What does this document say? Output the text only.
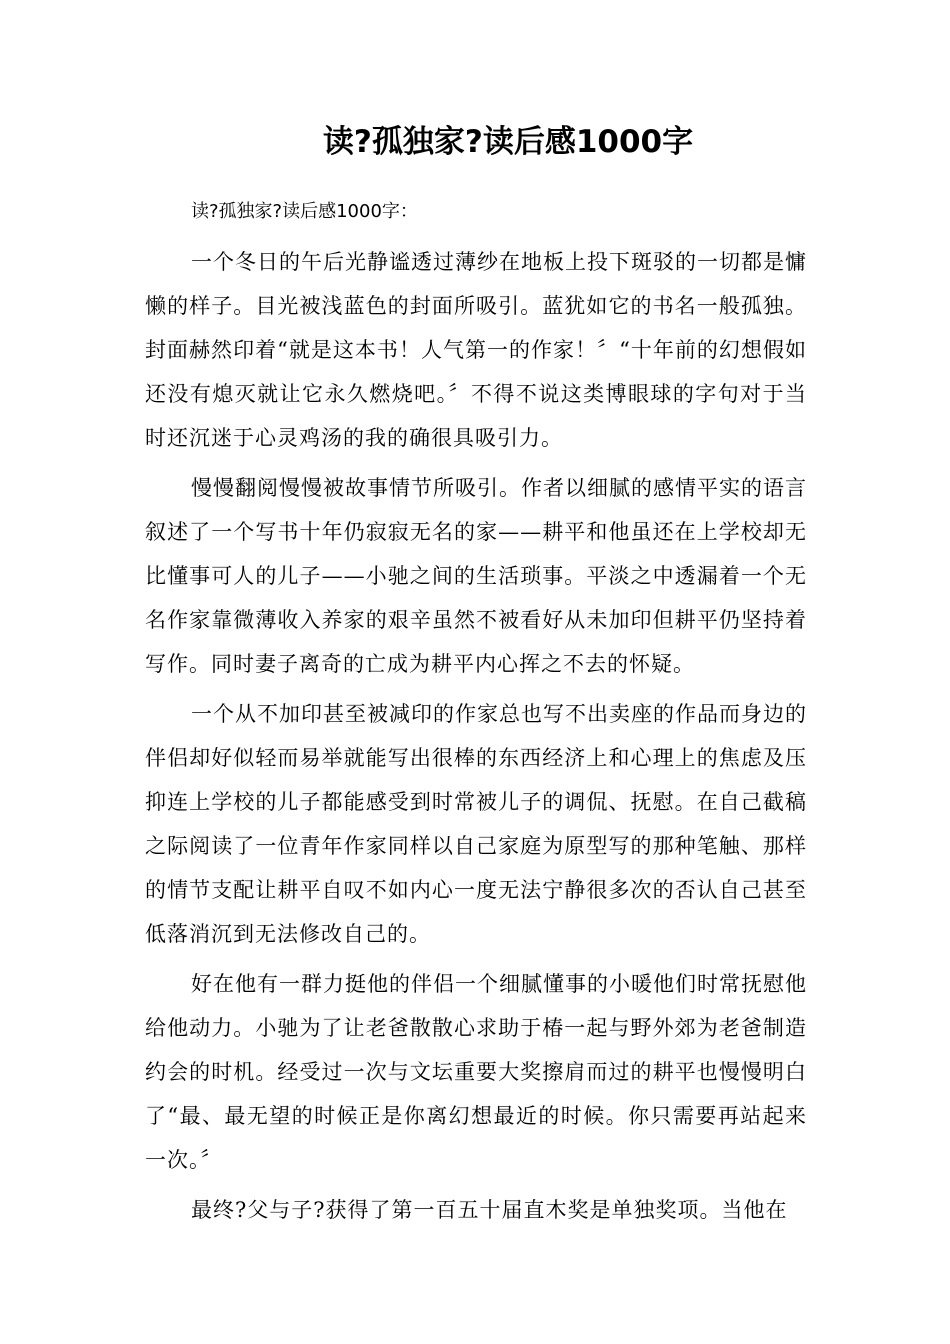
读?孤独家?读后感1000字

读?孤独家?读后感1000字：

一个冬日的午后光静谧透过薄纱在地板上投下斑驳的一切都是慵懒的样子。目光被浅蓝色的封面所吸引。蓝犹如它的书名一般孤独。封面赫然印着“就是这本书！人气第一的作家！〞“十年前的幻想假如还没有熄灭就让它永久燃烧吧。〞不得不说这类博眼球的字句对于当时还沉迷于心灵鸡汤的我的确很具吸引力。

慢慢翻阅慢慢被故事情节所吸引。作者以细腻的感情平实的语言叙述了一个写书十年仍寂寂无名的家——耕平和他虽还在上学校却无比懂事可人的儿子——小驰之间的生活琐事。平淡之中透漏着一个无名作家靠微薄收入养家的艰辛虽然不被看好从未加印但耕平仍坚持着写作。同时妻子离奇的亡成为耕平内心挥之不去的怀疑。

一个从不加印甚至被减印的作家总也写不出卖座的作品而身边的伴侣却好似轻而易举就能写出很棒的东西经济上和心理上的焦虑及压抑连上学校的儿子都能感受到时常被儿子的调侃、抚慰。在自己截稿之际阅读了一位青年作家同样以自己家庭为原型写的那种笔触、那样的情节支配让耕平自叹不如内心一度无法宁静很多次的否认自己甚至低落消沉到无法修改自己的。

好在他有一群力挺他的伴侣一个细腻懂事的小暖他们时常抚慰他给他动力。小驰为了让老爸散散心求助于椿一起与野外郊为老爸制造约会的时机。经受过一次与文坛重要大奖擦肩而过的耕平也慢慢明白了“最、最无望的时候正是你离幻想最近的时候。你只需要再站起来一次。〞

最终?父与子?获得了第一百五十届直木奖是单独奖项。当他在
